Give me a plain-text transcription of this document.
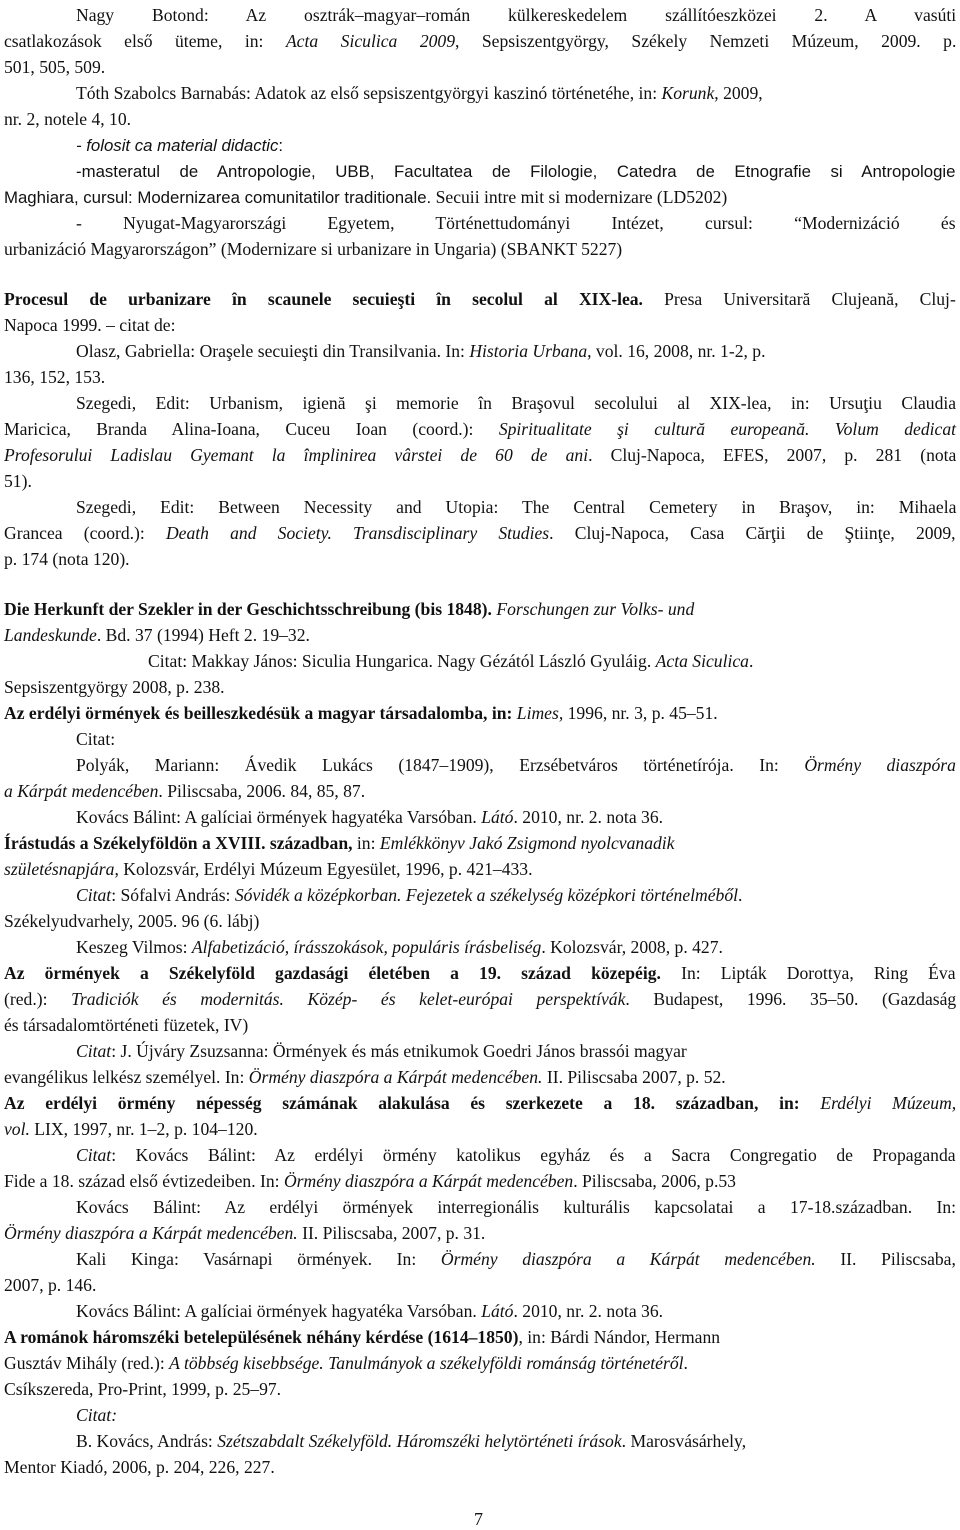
Nagy Botond: Az osztrák–magyar–román külkereskedelem szállítóeszközei 2. A vasúti
csatlakozások első üteme, in: Acta Siculica 2009, Sepsiszentgyörgy, Székely Nemzeti Múzeum, 2009. p.
501, 505, 509.
Tóth Szabolcs Barnabás: Adatok az első sepsiszentgyörgyi kaszinó történetéhe, in: Korunk, 2009,
nr. 2, notele 4, 10.
- folosit ca material didactic:
-masteratul de Antropologie, UBB, Facultatea de Filologie, Catedra de Etnografie si Antropologie
Maghiara, cursul: Modernizarea comunitatilor traditionale. Secuii intre mit si modernizare (LD5202)
- Nyugat-Magyarországi Egyetem, Történettudományi Intézet, cursul: “Modernizáció és
urbanizáció Magyarországon” (Modernizare si urbanizare in Ungaria) (SBANKT 5227)
Procesul de urbanizare în scaunele secuieşti în secolul al XIX-lea. Presa Universitară Clujeană, Cluj-
Napoca 1999. – citat de:
Olasz, Gabriella: Oraşele secuieşti din Transilvania. In: Historia Urbana, vol. 16, 2008, nr. 1-2, p.
136, 152, 153.
Szegedi, Edit: Urbanism, igienă şi memorie în Braşovul secolului al XIX-lea, in: Ursuţiu Claudia
Maricica, Branda Alina-Ioana, Cuceu Ioan (coord.): Spiritualitate şi cultură europeană. Volum dedicat
Profesorului Ladislau Gyemant la împlinirea vârstei de 60 de ani. Cluj-Napoca, EFES, 2007, p. 281 (nota
51).
Szegedi, Edit: Between Necessity and Utopia: The Central Cemetery in Braşov, in: Mihaela
Grancea (coord.): Death and Society. Transdisciplinary Studies. Cluj-Napoca, Casa Cărţii de Ştiinţe, 2009,
p. 174 (nota 120).
Die Herkunft der Szekler in der Geschichtsschreibung (bis 1848). Forschungen zur Volks- und
Landeskunde. Bd. 37 (1994) Heft 2. 19–32.
Citat: Makkay János: Siculia Hungarica. Nagy Gézától László Gyuláig. Acta Siculica.
Sepsiszentgyörgy 2008, p. 238.
Az erdélyi örmények és beilleszkedésük a magyar társadalomba, in: Limes, 1996, nr. 3, p. 45–51.
Citat:
Polyák, Mariann: Ávedik Lukács (1847–1909), Erzsébetváros történetírója. In: Örmény diaszpóra
a Kárpát medencében. Piliscsaba, 2006. 84, 85, 87.
Kovács Bálint: A galíciai örmények hagyatéka Varsóban. Látó. 2010, nr. 2. nota 36.
Írástudás a Székelyföldön a XVIII. században, in: Emlékkönyv Jakó Zsigmond nyolcvanadik
születésnapjára, Kolozsvár, Erdélyi Múzeum Egyesület, 1996, p. 421–433.
Citat: Sófalvi András: Sóvidék a középkorban. Fejezetek a székelység középkori történelméből.
Székelyudvarhely, 2005. 96 (6. lábj)
Keszeg Vilmos: Alfabetizáció, írásszokások, populáris írásbeliség. Kolozsvár, 2008, p. 427.
Az örmények a Székelyföld gazdasági életében a 19. század közepéig. In: Lipták Dorottya, Ring Éva
(red.): Tradiciók és modernitás. Közép- és kelet-európai perspektívák. Budapest, 1996. 35–50. (Gazdaság
és társadalomtörténeti füzetek, IV)
Citat: J. Újváry Zsuzsanna: Örmények és más etnikumok Goedri János brassói magyar
evangélikus lelkész személyel. In: Örmény diaszpóra a Kárpát medencében. II. Piliscsaba 2007, p. 52.
Az erdélyi örmény népesség számának alakulása és szerkezete a 18. században, in: Erdélyi Múzeum,
vol. LIX, 1997, nr. 1–2, p. 104–120.
Citat: Kovács Bálint: Az erdélyi örmény katolikus egyház és a Sacra Congregatio de Propaganda
Fide a 18. század első évtizedeiben. In: Örmény diaszpóra a Kárpát medencében. Piliscsaba, 2006, p.53
Kovács Bálint: Az erdélyi örmények interregionális kulturális kapcsolatai a 17-18.században. In:
Örmény diaszpóra a Kárpát medencében. II. Piliscsaba, 2007, p. 31.
Kali Kinga: Vasárnapi örmények. In: Örmény diaszpóra a Kárpát medencében. II. Piliscsaba,
2007, p. 146.
Kovács Bálint: A galíciai örmények hagyatéka Varsóban. Látó. 2010, nr. 2. nota 36.
A románok háromszéki betelepülésének néhány kérdése (1614–1850), in: Bárdi Nándor, Hermann
Gusztáv Mihály (red.): A többség kisebbsége. Tanulmányok a székelyföldi románság történetéről.
Csíkszereda, Pro-Print, 1999, p. 25–97.
Citat:
B. Kovács, András: Szétszabdalt Székelyföld. Háromszéki helytörténeti írások. Marosvásárhely,
Mentor Kiadó, 2006, p. 204, 226, 227.
7
